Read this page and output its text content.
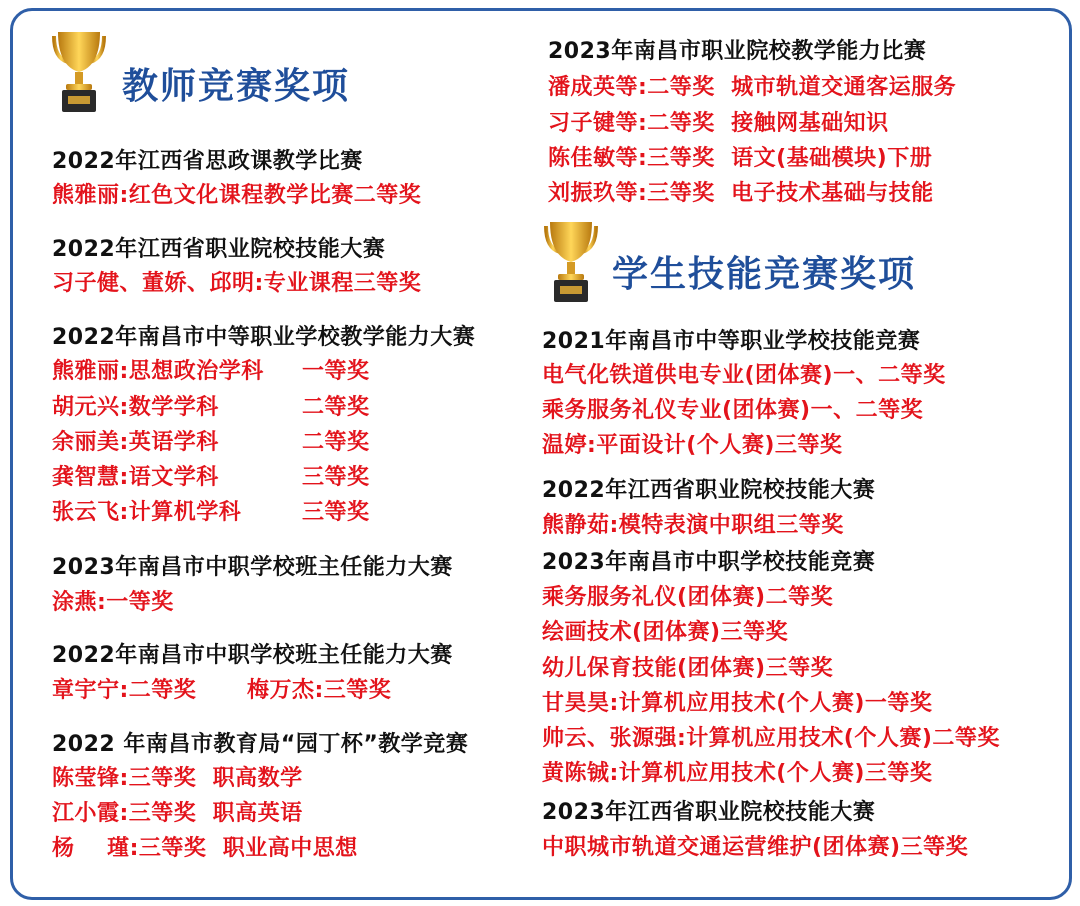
教师竞赛奖项
2022年江西省思政课教学比赛
熊雅丽:红色文化课程教学比赛二等奖
2022年江西省职业院校技能大赛
习子健、董娇、邱明:专业课程三等奖
2022年南昌市中等职业学校教学能力大赛
熊雅丽:思想政治学科 一等奖
胡元兴:数学学科	二等奖
余丽美:英语学科	二等奖
龚智慧:语文学科	三等奖
张云飞:计算机学科	三等奖
2023年南昌市中职学校班主任能力大赛
涂燕:一等奖
2022年南昌市中职学校班主任能力大赛
章宇宁:二等奖 梅万杰:三等奖
2022 年南昌市教育局“园丁杯”教学竞赛
陈莹锋:三等奖  职高数学
江小霞:三等奖  职高英语
杨    瑾:三等奖  职业高中思想
2023年南昌市职业院校教学能力比赛
潘成英等:二等奖  城市轨道交通客运服务
习子键等:二等奖  接触网基础知识
陈佳敏等:三等奖  语文(基础模块)下册
刘振玖等:三等奖  电子技术基础与技能
学生技能竞赛奖项
2021年南昌市中等职业学校技能竞赛
电气化铁道供电专业(团体赛)一、二等奖
乘务服务礼仪专业(团体赛)一、二等奖
温婷:平面设计(个人赛)三等奖
2022年江西省职业院校技能大赛
熊静茹:模特表演中职组三等奖
2023年南昌市中职学校技能竞赛
乘务服务礼仪(团体赛)二等奖
绘画技术(团体赛)三等奖
幼儿保育技能(团体赛)三等奖
甘昊昊:计算机应用技术(个人赛)一等奖
帅云、张源强:计算机应用技术(个人赛)二等奖
黄陈铖:计算机应用技术(个人赛)三等奖
2023年江西省职业院校技能大赛
中职城市轨道交通运营维护(团体赛)三等奖
